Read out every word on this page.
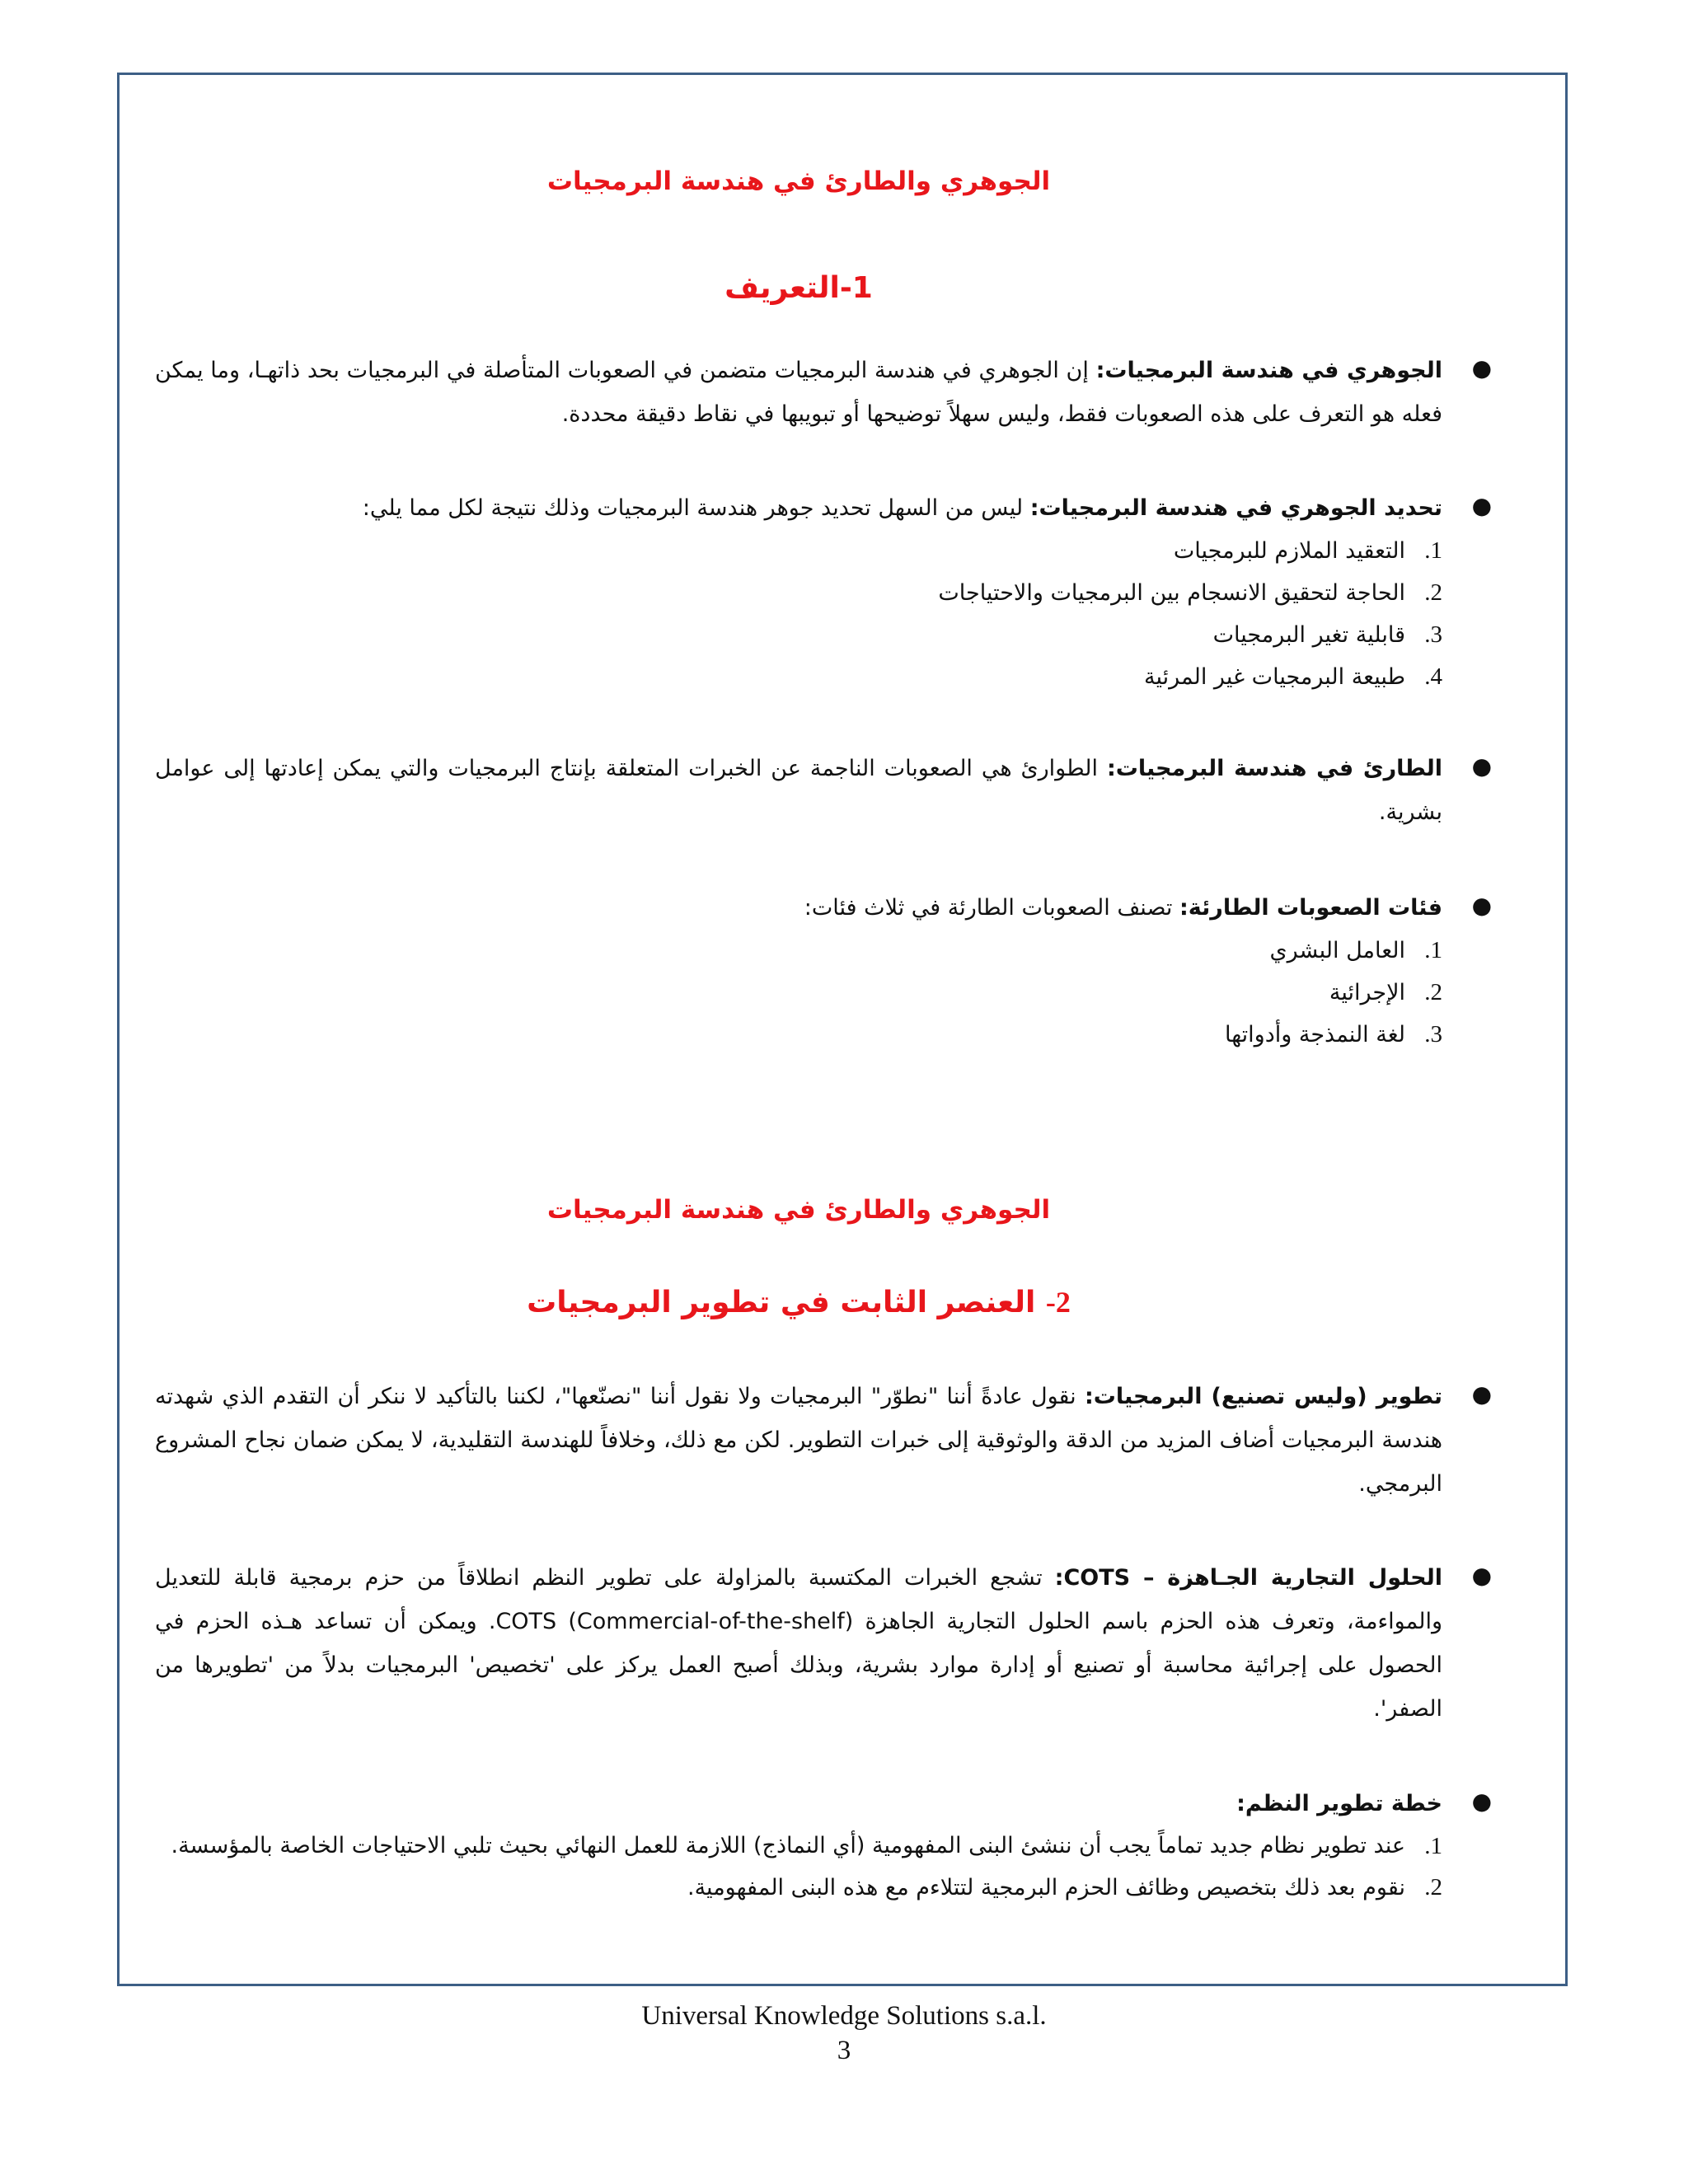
الجوهري والطارئ في هندسة البرمجيات
1-التعريف
●

الجوهري في هندسة البرمجيات: إن الجوهري في هندسة البرمجيات متضمن في الصعوبات المتأصلة في البرمجيات بحد ذاتهـا، وما يمكن فعله هو التعرف على هذه الصعوبات فقط، وليس سهلاً توضيحها أو تبويبها في نقاط دقيقة محددة.

●

تحديد الجوهري في هندسة البرمجيات: ليس من السهل تحديد جوهر هندسة البرمجيات وذلك نتيجة لكل مما يلي:

1.
التعقيد الملازم للبرمجيات
2.
الحاجة لتحقيق الانسجام بين البرمجيات والاحتياجات
3.
قابلية تغير البرمجيات
4.
طبيعة البرمجيات غير المرئية
●

الطارئ في هندسة البرمجيات: الطوارئ هي الصعوبات الناجمة عن الخبرات المتعلقة بإنتاج البرمجيات والتي يمكن إعادتها إلى عوامل بشرية.

●

فئات الصعوبات الطارئة: تصنف الصعوبات الطارئة في ثلاث فئات:

1.
العامل البشري
2.
الإجرائية
3.
لغة النمذجة وأدواتها
الجوهري والطارئ في هندسة البرمجيات
2- العنصر الثابت في تطوير البرمجيات
●

تطوير (وليس تصنيع) البرمجيات: نقول عادةً أننا "نطوّر" البرمجيات ولا نقول أننا "نصنّعها"، لكننا بالتأكيد لا ننكر أن التقدم الذي شهدته هندسة البرمجيات أضاف المزيد من الدقة والوثوقية إلى خبرات التطوير. لكن مع ذلك، وخلافاً للهندسة التقليدية، لا يمكن ضمان نجاح المشروع البرمجي.

●

الحلول التجارية الجـاهزة – COTS: تشجع الخبرات المكتسبة بالمزاولة على تطوير النظم انطلاقاً من حزم برمجية قابلة للتعديل والمواءمة، وتعرف هذه الحزم باسم الحلول التجارية الجاهزة COTS (Commercial-of-the-shelf). ويمكن أن تساعد هـذه الحزم في الحصول على إجرائية محاسبة أو تصنيع أو إدارة موارد بشرية، وبذلك أصبح العمل يركز على 'تخصيص' البرمجيات بدلاً من 'تطويرها من الصفر'.

●

خطة تطوير النظم:

1.
عند تطوير نظام جديد تماماً يجب أن ننشئ البنى المفهومية (أي النماذج) اللازمة للعمل النهائي بحيث تلبي الاحتياجات الخاصة بالمؤسسة.
2.
نقوم بعد ذلك بتخصيص وظائف الحزم البرمجية لتتلاءم مع هذه البنى المفهومية.
Universal Knowledge Solutions s.a.l.
3
